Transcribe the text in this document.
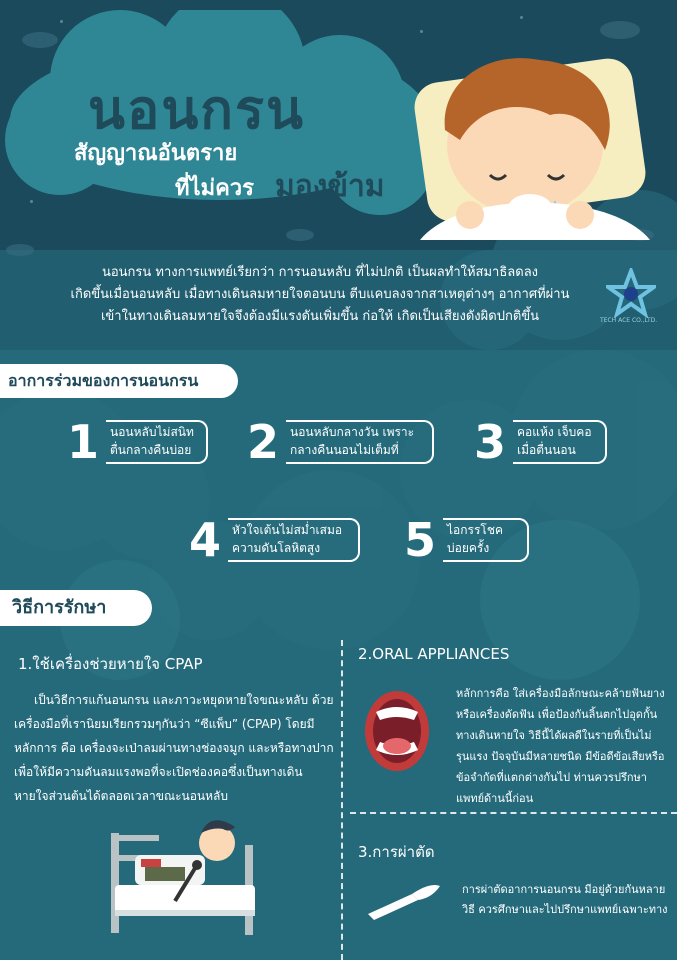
นอนกรน
สัญญาณอันตราย
ที่ไม่ควร มองข้าม
นอนกรน ทางการแพทย์เรียกว่า การนอนหลับ ที่ไม่ปกติ เป็นผลทำให้สมาธิลดลง
เกิดขึ้นเมื่อนอนหลับ เมื่อทางเดินลมหายใจตอนบน ตีบแคบลงจากสาเหตุต่างๆ อากาศที่ผ่าน
เข้าในทางเดินลมหายใจจึงต้องมีแรงดันเพิ่มขึ้น ก่อให้ เกิดเป็นเสียงดังผิดปกติขึ้น	TECH ACE CO.,LTD.
อาการร่วมของการนอนกรน
1 นอนหลับไม่สนิท
ตื่นกลางคืนบ่อย	2 นอนหลับกลางวัน เพราะ
กลางคืนนอนไม่เต็มที่	3 คอแห้ง เจ็บคอ
เมื่อตื่นนอน
4 หัวใจเต้นไม่สม่ำเสมอ
ความดันโลหิตสูง	5 ไอกรรโชค
บ่อยครั้ง
วิธีการรักษา
1.ใช้เครื่องช่วยหายใจ CPAP
เป็นวิธีการแก้นอนกรน และภาวะหยุดหายใจขณะหลับ ด้วยเครื่องมือที่เรานิยมเรียกรวมๆกันว่า “ซีแพ็บ” (CPAP) โดยมีหลักการ คือ เครื่องจะเป่าลมผ่านทางช่องจมูก และหรือทางปาก เพื่อให้มีความดันลมแรงพอที่จะเปิดช่องคอซึ่งเป็นทางเดินหายใจส่วนต้นได้ตลอดเวลาขณะนอนหลับ
2.ORAL APPLIANCES
หลักการคือ ใส่เครื่องมือลักษณะคล้ายฟันยาง หรือเครื่องดัดฟัน เพื่อป้องกันลิ้นตกไปอุดกั้นทางเดินหายใจ วิธีนี้ได้ผลดีในรายที่เป็นไม่รุนแรง ปัจจุบันมีหลายชนิด มีข้อดีข้อเสียหรือข้อจำกัดที่แตกต่างกันไป ท่านควรปรึกษาแพทย์ด้านนี้ก่อน
3.การผ่าตัด
การผ่าตัดอาการนอนกรน มีอยู่ด้วยกันหลายวิธี ควรศึกษาและไปปรึกษาแพทย์เฉพาะทาง
